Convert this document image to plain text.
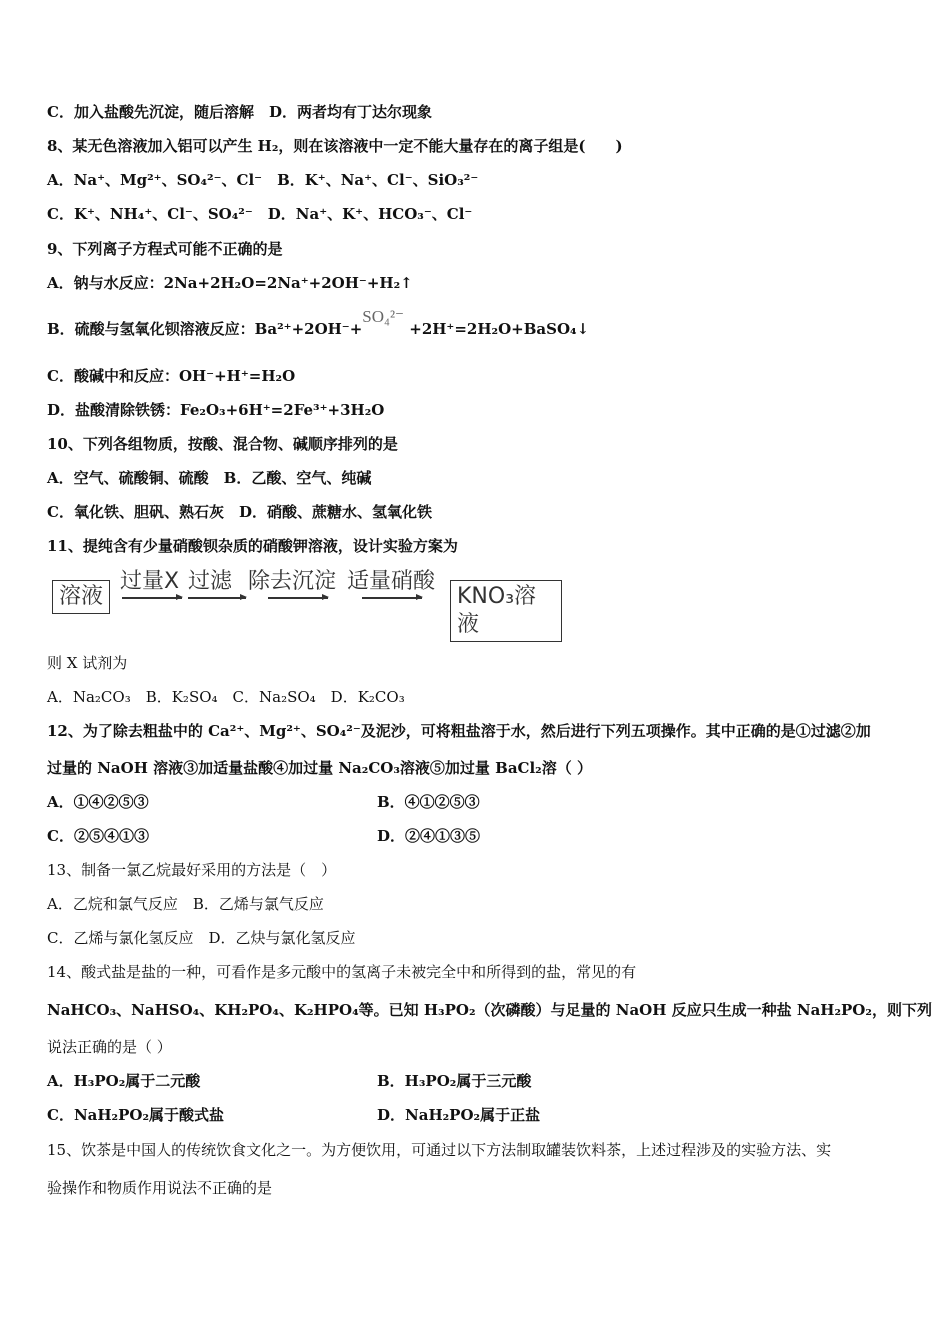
C．加入盐酸先沉淀，随后溶解　D．两者均有丁达尔现象
8、某无色溶液加入铝可以产生 H₂，则在该溶液中一定不能大量存在的离子组是(　　)
A．Na⁺、Mg²⁺、SO₄²⁻、Cl⁻　B．K⁺、Na⁺、Cl⁻、SiO₃²⁻
C．K⁺、NH₄⁺、Cl⁻、SO₄²⁻　D．Na⁺、K⁺、HCO₃⁻、Cl⁻
9、下列离子方程式可能不正确的是
A．钠与水反应：2Na+2H₂O=2Na⁺+2OH⁻+H₂↑
B．硫酸与氢氧化钡溶液反应：Ba²⁺+2OH⁻+SO₄²⁻ +2H⁺=2H₂O+BaSO₄↓
C．酸碱中和反应：OH⁻+H⁺=H₂O
D．盐酸清除铁锈：Fe₂O₃+6H⁺=2Fe³⁺+3H₂O
10、下列各组物质，按酸、混合物、碱顺序排列的是
A．空气、硫酸铜、硫酸　B．乙酸、空气、纯碱
C．氧化铁、胆矾、熟石灰　D．硝酸、蔗糖水、氢氧化铁
11、提纯含有少量硝酸钡杂质的硝酸钾溶液，设计实验方案为
溶液
过量X 过滤 除去沉淀 适量硝酸
KNO₃溶液
则 X 试剂为
A．Na₂CO₃　B．K₂SO₄　C．Na₂SO₄　D．K₂CO₃
12、为了除去粗盐中的 Ca²⁺、Mg²⁺、SO₄²⁻及泥沙，可将粗盐溶于水，然后进行下列五项操作。其中正确的是①过滤②加
过量的 NaOH 溶液③加适量盐酸④加过量 Na₂CO₃溶液⑤加过量 BaCl₂溶（ ）
A．①④②⑤③	B．④①②⑤③
C．②⑤④①③	D．②④①③⑤
13、制备一氯乙烷最好采用的方法是（　）
A．乙烷和氯气反应　B．乙烯与氯气反应
C．乙烯与氯化氢反应　D．乙炔与氯化氢反应
14、酸式盐是盐的一种，可看作是多元酸中的氢离子未被完全中和所得到的盐，常见的有
NaHCO₃、NaHSO₄、KH₂PO₄、K₂HPO₄等。已知 H₃PO₂（次磷酸）与足量的 NaOH 反应只生成一种盐 NaH₂PO₂，则下列
说法正确的是（ ）
A．H₃PO₂属于二元酸	B．H₃PO₂属于三元酸
C．NaH₂PO₂属于酸式盐	D．NaH₂PO₂属于正盐
15、饮茶是中国人的传统饮食文化之一。为方便饮用，可通过以下方法制取罐装饮料茶，上述过程涉及的实验方法、实
验操作和物质作用说法不正确的是
